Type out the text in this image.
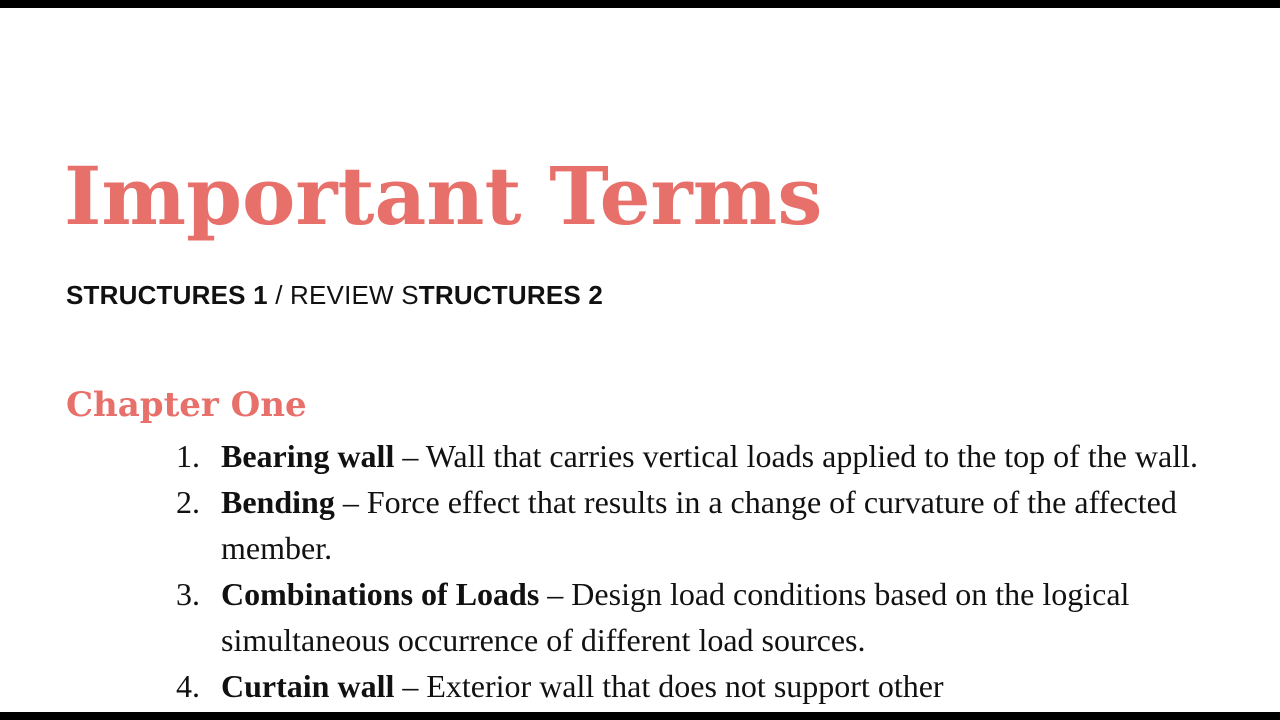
Important Terms

STRUCTURES 1 / REVIEW STRUCTURES 2

Chapter One
1. Bearing wall – Wall that carries vertical loads applied to the top of the wall.
2. Bending – Force effect that results in a change of curvature of the affected member.
3. Combinations of Loads – Design load conditions based on the logical simultaneous occurrence of different load sources.
4. Curtain wall – Exterior wall that does not support other
